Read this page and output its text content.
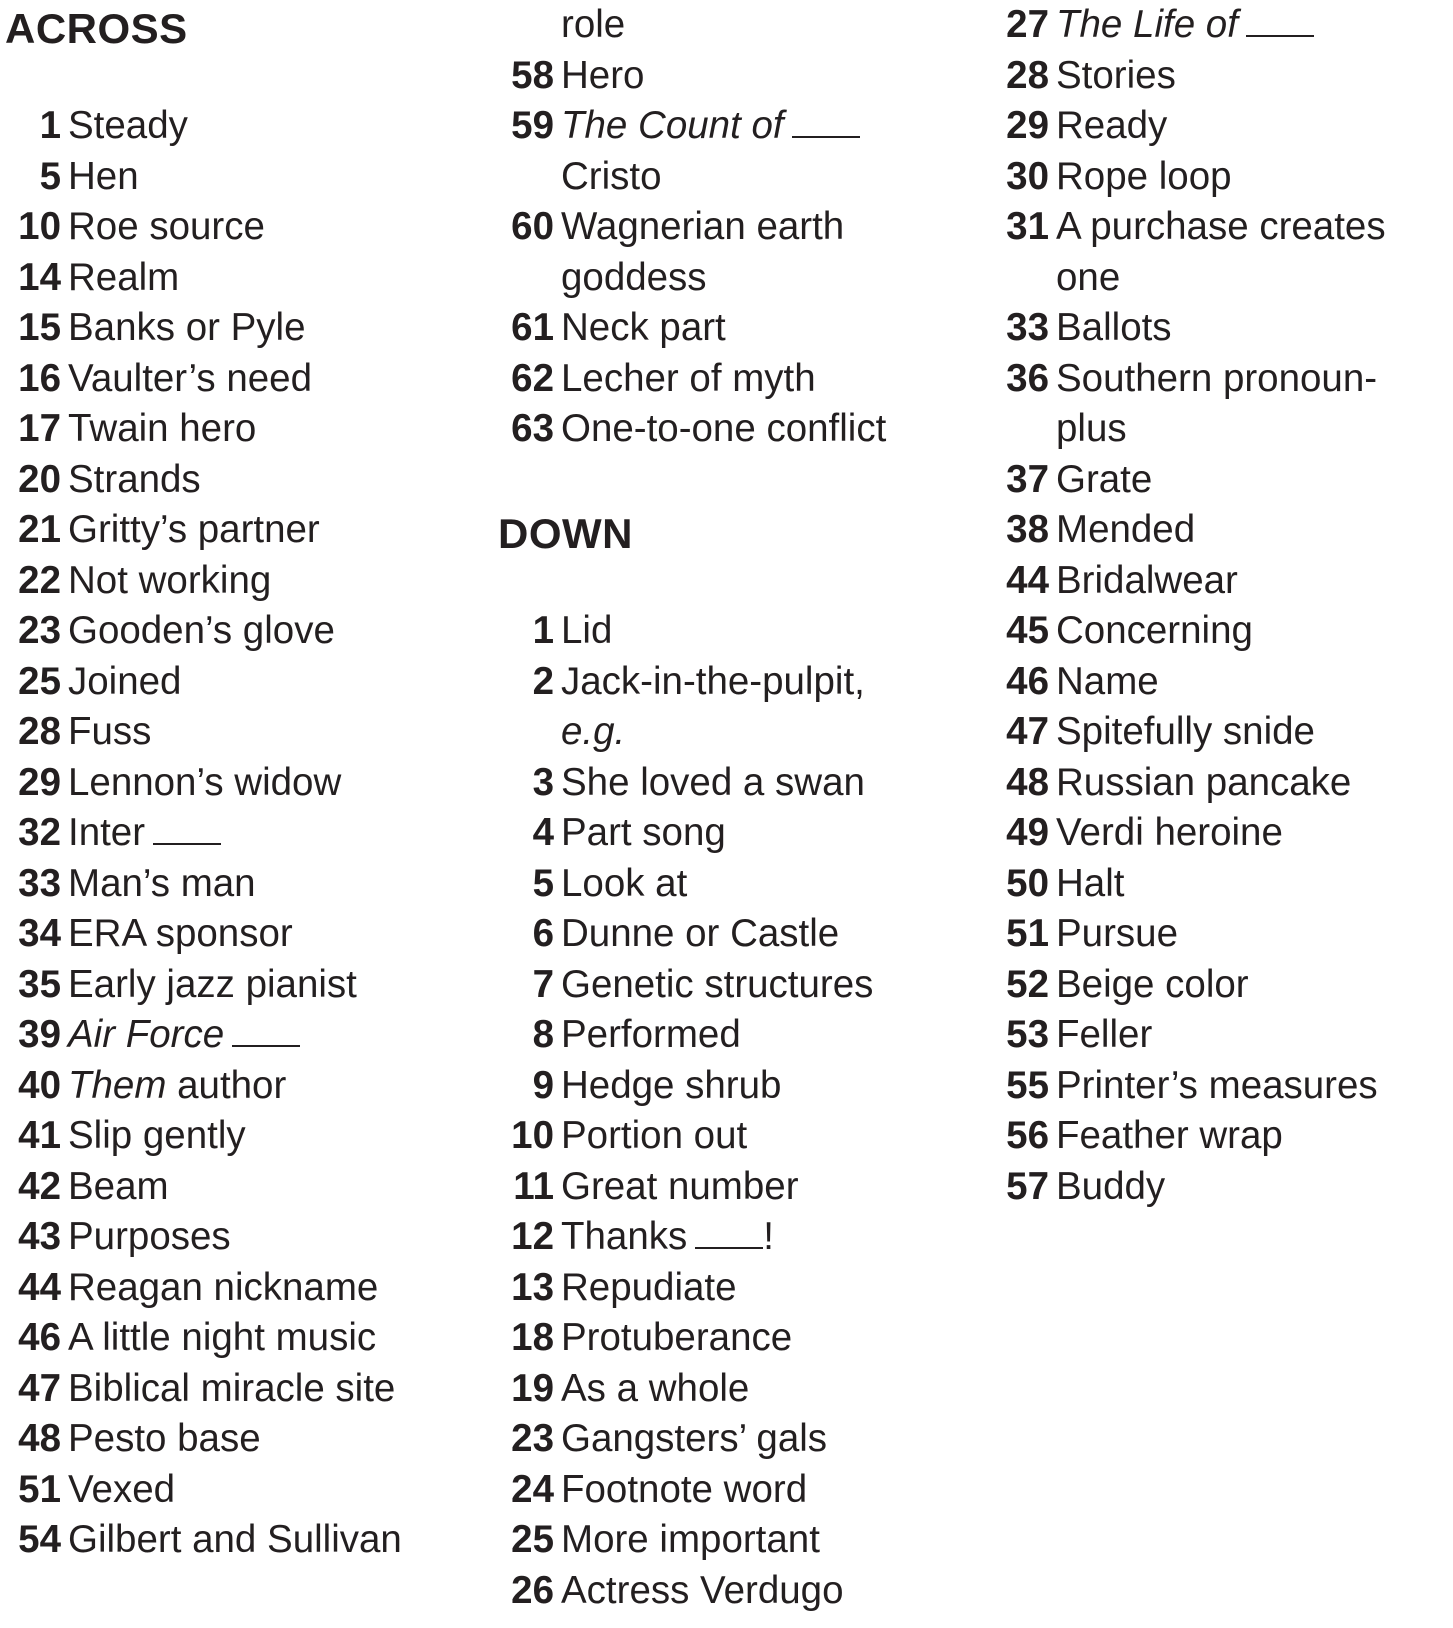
ACROSS
1 Steady
5 Hen
10 Roe source
14 Realm
15 Banks or Pyle
16 Vaulter’s need
17 Twain hero
20 Strands
21 Gritty’s partner
22 Not working
23 Gooden’s glove
25 Joined
28 Fuss
29 Lennon’s widow
32 Inter
33 Man’s man
34 ERA sponsor
35 Early jazz pianist
39 Air Force
40 Them author
41 Slip gently
42 Beam
43 Purposes
44 Reagan nickname
46 A little night music
47 Biblical miracle site
48 Pesto base
51 Vexed
54 Gilbert and Sullivan
role
58 Hero
59 The Count of
Cristo
60 Wagnerian earth
goddess
61 Neck part
62 Lecher of myth
63 One-to-one conflict
DOWN
1 Lid
2 Jack-in-the-pulpit,
e.g.
3 She loved a swan
4 Part song
5 Look at
6 Dunne or Castle
7 Genetic structures
8 Performed
9 Hedge shrub
10 Portion out
11 Great number
12 Thanks !
13 Repudiate
18 Protuberance
19 As a whole
23 Gangsters’ gals
24 Footnote word
25 More important
26 Actress Verdugo
27 The Life of
28 Stories
29 Ready
30 Rope loop
31 A purchase creates
one
33 Ballots
36 Southern pronoun-
plus
37 Grate
38 Mended
44 Bridalwear
45 Concerning
46 Name
47 Spitefully snide
48 Russian pancake
49 Verdi heroine
50 Halt
51 Pursue
52 Beige color
53 Feller
55 Printer’s measures
56 Feather wrap
57 Buddy
